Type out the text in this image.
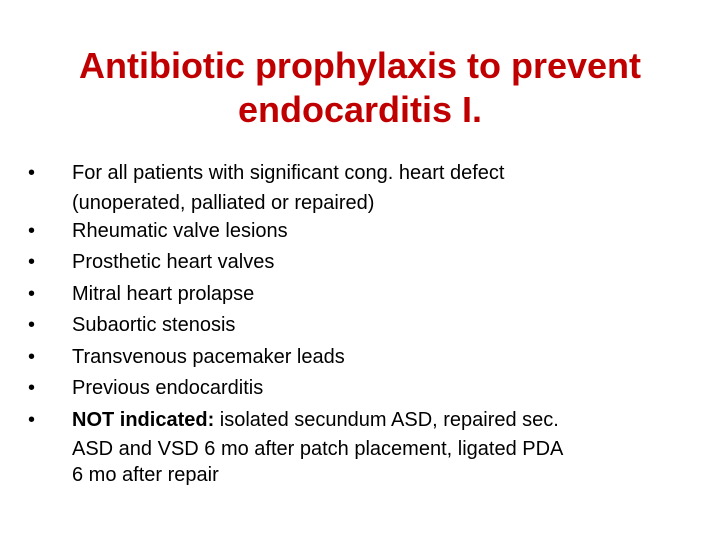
Antibiotic prophylaxis to prevent
endocarditis I.
•	For all patients with significant cong. heart defect
(unoperated, palliated or repaired)
•	Rheumatic valve lesions
•	Prosthetic heart valves
•	Mitral heart prolapse
•	Subaortic stenosis
•	Transvenous pacemaker leads
•	Previous endocarditis
•	NOT indicated: isolated secundum ASD, repaired sec.
ASD and VSD 6 mo after patch placement, ligated PDA
6 mo after repair
